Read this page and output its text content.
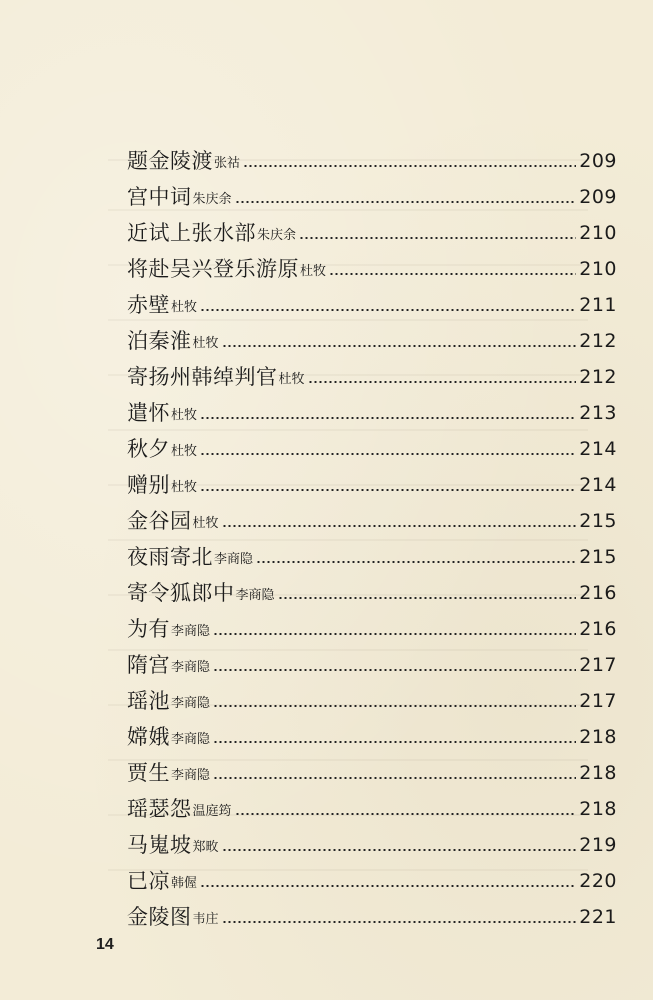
题金陵渡 张祜	209
宫中词 朱庆余	209
近试上张水部 朱庆余	210
将赴吴兴登乐游原 杜牧	210
赤壁 杜牧	211
泊秦淮 杜牧	212
寄扬州韩绰判官 杜牧	212
遣怀 杜牧	213
秋夕 杜牧	214
赠别 杜牧	214
金谷园 杜牧	215
夜雨寄北 李商隐	215
寄令狐郎中 李商隐	216
为有 李商隐	216
隋宫 李商隐	217
瑶池 李商隐	217
嫦娥 李商隐	218
贾生 李商隐	218
瑶瑟怨 温庭筠	218
马嵬坡 郑畋	219
已凉 韩偓	220
金陵图 韦庄	221
14
